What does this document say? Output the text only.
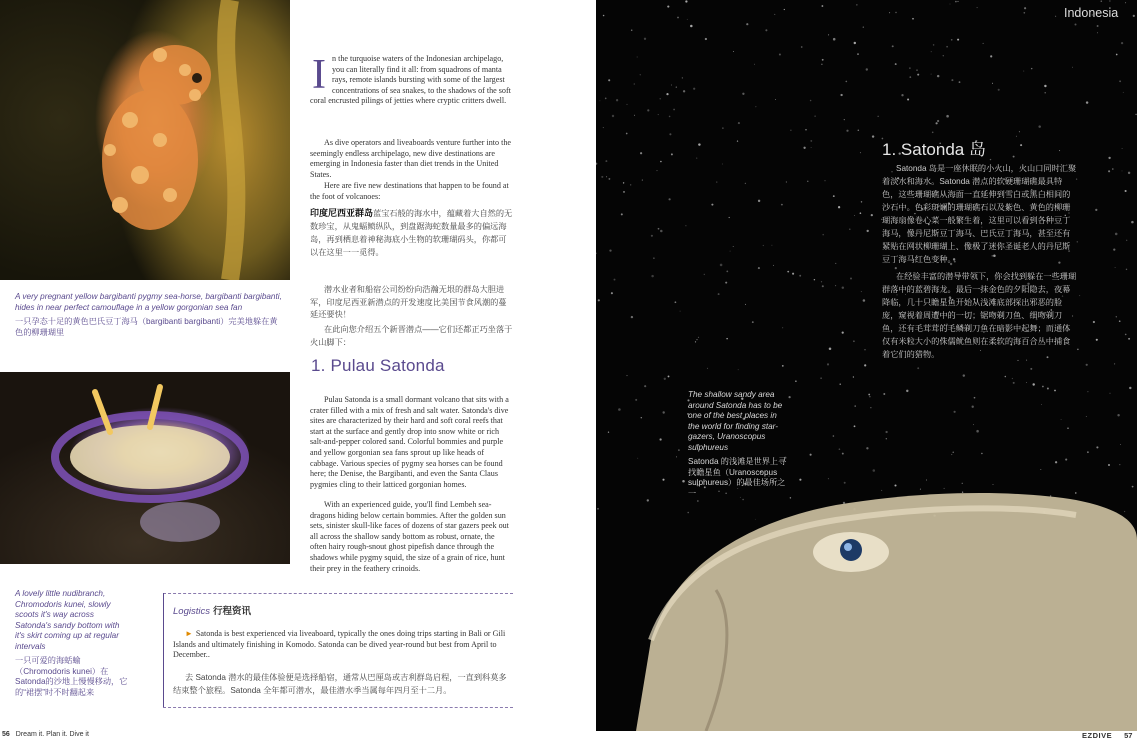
A very pregnant yellow bargibanti pygmy sea-horse, bargibanti bargibanti, hides in near perfect camouflage in a yellow gorgonian sea fan

一只孕态十足的黄色巴氏豆丁海马（bargibanti bargibanti）完美地躲在黄色的柳珊瑚里

A lovely little nudibranch, Chromodoris kunei, slowly scoots it's way across Satonda's sandy bottom with it's skirt coming up at regular intervals

一只可爱的海蛞蝓（Chromodoris kunei）在Satonda的沙地上慢慢移动，它的“裙摆”时不时翻起来

In the turquoise waters of the Indonesian archipelago, you can literally find it all: from squadrons of manta rays, remote islands bursting with some of the largest concentrations of sea snakes, to the shadows of the soft coral encrusted pilings of jetties where cryptic critters dwell.

As dive operators and liveaboards venture further into the seemingly endless archipelago, new dive destinations are emerging in Indonesia faster than diet trends in the United States.

Here are five new destinations that happen to be found at the foot of volcanoes:

印度尼西亚群岛蓝宝石般的海水中，蕴藏着大自然的无数珍宝，从鬼蝠鲼纵队，到盘踞海蛇数量最多的偏远海岛，再到栖息着神秘海底小生物的软珊瑚码头，你都可以在这里一一觅得。

潜水业者和船宿公司纷纷向浩瀚无垠的群岛大胆进军，印度尼西亚新潜点的开发速度比美国节食风潮的蔓延还要快！

在此向您介绍五个新晋潜点——它们还都正巧坐落于火山脚下：

1. Pulau Satonda

Pulau Satonda is a small dormant volcano that sits with a crater filled with a mix of fresh and salt water. Satonda's dive sites are characterized by their hard and soft coral reefs that start at the surface and gently drop into snow white or rich salt-and-pepper colored sand. Colorful bommies and purple and yellow gorgonian sea fans sprout up like heads of cabbage. Various species of pygmy sea horses can be found here; the Denise, the Bargibanti, and even the Santa Claus pygmies cling to their latticed gorgonian homes.

With an experienced guide, you'll find Lembeh sea-dragons hiding below certain bommies. After the golden sun sets, sinister skull-like faces of dozens of star gazers peek out all across the shallow sandy bottom as robust, ornate, the often hairy rough-snout ghost pipefish dance through the shadows while pygmy squid, the size of a grain of rice, hunt their prey in the feathery crinoids.

Logistics 行程资讯

► Satonda is best experienced via liveaboard, typically the ones doing trips starting in Bali or Gili Islands and ultimately finishing in Komodo. Satonda can be dived year-round but best from April to December..

去 Satonda 潜水的最佳体验便是选择船宿，通常从巴厘岛或吉利群岛启程，一直到科莫多结束整个旅程。Satonda 全年都可潜水，最佳潜水季当属每年四月至十二月。

56 Dream it. Plan it. Dive it
Indonesia
1. Satonda 岛

Satonda 岛是一座休眠的小火山，火山口同时汇聚着淡水和海水。Satonda 潜点的软硬珊瑚礁最具特色，这些珊瑚礁从海面一直延伸到雪白或黑白相间的沙石中。色彩斑斓的珊瑚礁石以及紫色、黄色的柳珊瑚海扇像卷心菜一般繁生着，这里可以看到各种豆丁海马，像丹尼斯豆丁海马、巴氏豆丁海马，甚至还有紧贴在网状柳珊瑚上、像极了迷你圣诞老人的丹尼斯豆丁海马红色变种。

在经验丰富的潜导带领下，你会找到躲在一些珊瑚群落中的蓝碧海龙。最后一抹金色的夕阳隐去，夜幕降临，几十只瞻星鱼开始从浅滩底部探出邪恶的脸庞，窥视着周遭中的一切；锯吻剃刀鱼、细吻剃刀鱼，还有毛茸茸的毛鳞剃刀鱼在暗影中起舞；而通体仅有米粒大小的侏儒鱿鱼则在柔软的海百合丛中捕食着它们的猎物。

The shallow sandy area around Satonda has to be one of the best places in the world for finding star-gazers, Uranoscopus sulphureus

Satonda 的浅滩是世界上寻找瞻星鱼（Uranoscopus sulphureus）的最佳场所之一

EZDIVE 57
